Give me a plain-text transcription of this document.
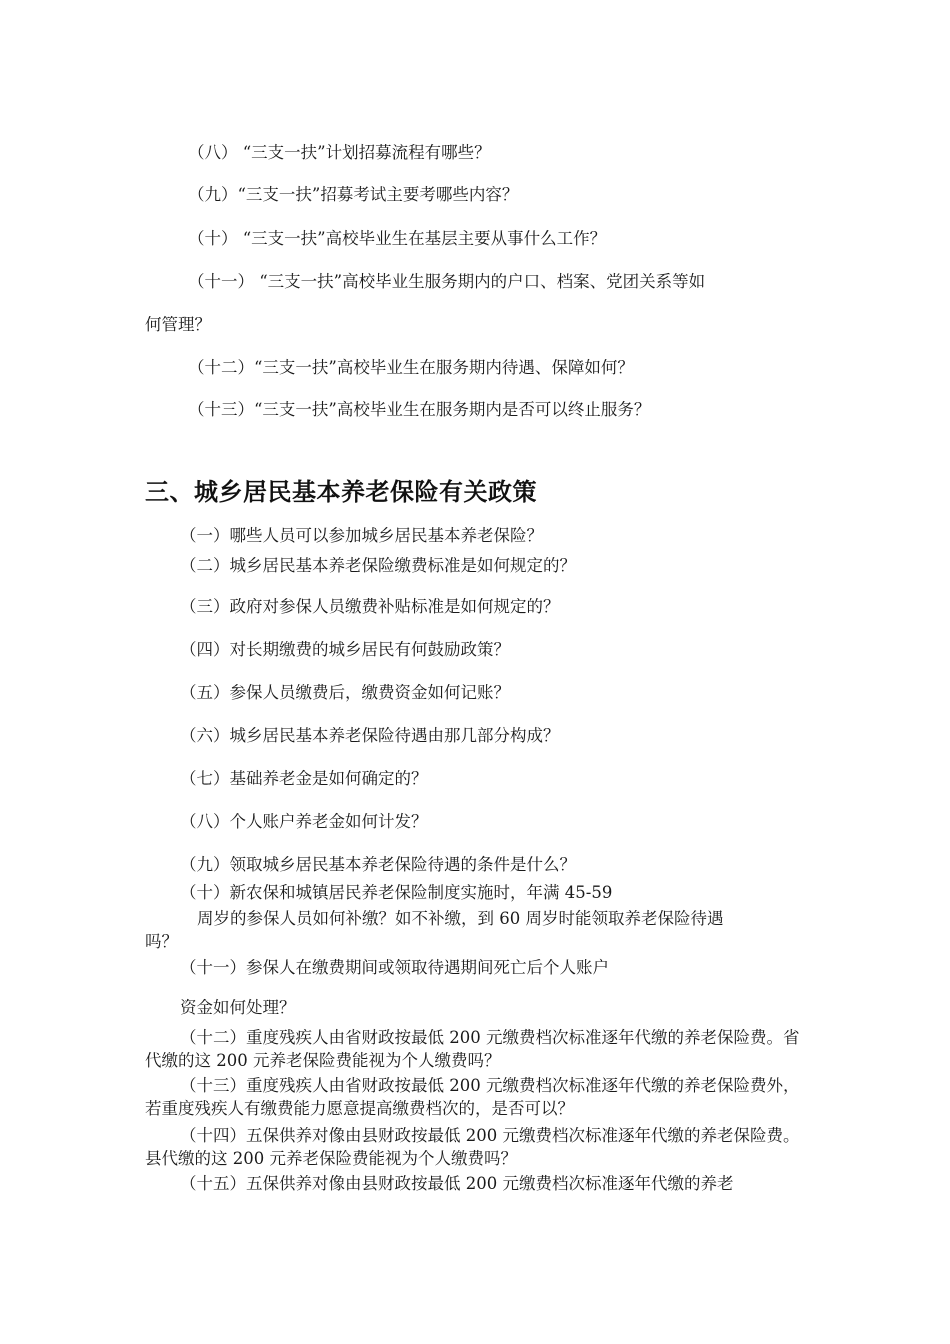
（八） “三支一扶”计划招募流程有哪些？
（九）“三支一扶”招募考试主要考哪些内容？
（十） “三支一扶”高校毕业生在基层主要从事什么工作？
（十一） “三支一扶”高校毕业生服务期内的户口、档案、党团关系等如
何管理？
（十二）“三支一扶”高校毕业生在服务期内待遇、保障如何？
（十三）“三支一扶”高校毕业生在服务期内是否可以终止服务？
三、城乡居民基本养老保险有关政策
（一）哪些人员可以参加城乡居民基本养老保险？
（二）城乡居民基本养老保险缴费标准是如何规定的？
（三）政府对参保人员缴费补贴标准是如何规定的？
（四）对长期缴费的城乡居民有何鼓励政策？
（五）参保人员缴费后，缴费资金如何记账？
（六）城乡居民基本养老保险待遇由那几部分构成？
（七）基础养老金是如何确定的？
（八）个人账户养老金如何计发？
（九）领取城乡居民基本养老保险待遇的条件是什么？
（十）新农保和城镇居民养老保险制度实施时，年满 45-59
周岁的参保人员如何补缴？如不补缴，到 60 周岁时能领取养老保险待遇
吗？
（十一）参保人在缴费期间或领取待遇期间死亡后个人账户
资金如何处理？
（十二）重度残疾人由省财政按最低 200 元缴费档次标准逐年代缴的养老保险费。省代缴的这 200 元养老保险费能视为个人缴费吗？
（十三）重度残疾人由省财政按最低 200 元缴费档次标准逐年代缴的养老保险费外，若重度残疾人有缴费能力愿意提高缴费档次的，是否可以？
（十四）五保供养对像由县财政按最低 200 元缴费档次标准逐年代缴的养老保险费。县代缴的这 200 元养老保险费能视为个人缴费吗？
（十五）五保供养对像由县财政按最低 200 元缴费档次标准逐年代缴的养老
